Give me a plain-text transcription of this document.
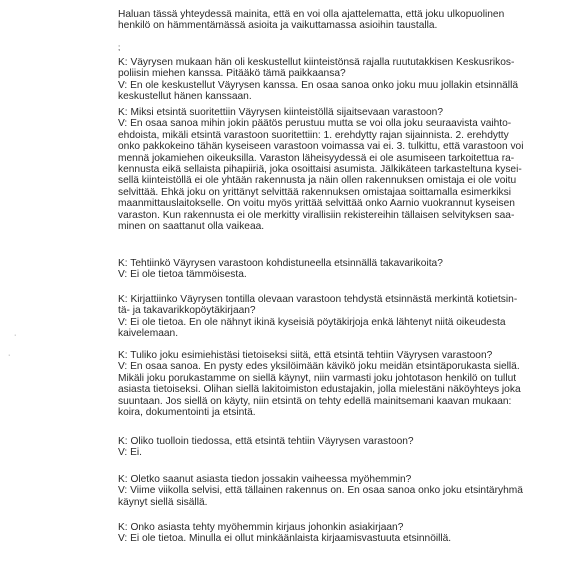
Haluan tässä yhteydessä mainita, että en voi olla ajattelematta, että joku ulkopuolinen
henkilö on hämmentämässä asioita ja vaikuttamassa asioihin taustalla.
;
K: Väyrysen mukaan hän oli keskustellut kiinteistönsä rajalla ruututakkisen Keskusrikos-
poliisin miehen kanssa. Pitääkö tämä paikkaansa?
V: En ole keskustellut Väyrysen kanssa. En osaa sanoa onko joku muu jollakin etsinnällä
keskustellut hänen kanssaan.
K: Miksi etsintä suoritettiin Väyrysen kiinteistöllä sijaitsevaan varastoon?
V: En osaa sanoa mihin jokin päätös perustuu mutta se voi olla joku seuraavista vaihto-
ehdoista, mikäli etsintä varastoon suoritettiin: 1. erehdytty rajan sijainnista. 2. erehdytty
onko pakkokeino tähän kyseiseen varastoon voimassa vai ei. 3. tulkittu, että varastoon voi
mennä jokamiehen oikeuksilla. Varaston läheisyydessä ei ole asumiseen tarkoitettua ra-
kennusta eikä sellaista pihapiiriä, joka osoittaisi asumista. Jälkikäteen tarkasteltuna kysei-
sellä kiinteistöllä ei ole yhtään rakennusta ja näin ollen rakennuksen omistaja ei ole voitu
selvittää. Ehkä joku on yrittänyt selvittää rakennuksen omistajaa soittamalla esimerkiksi
maanmittauslaitokselle. On voitu myös yrittää selvittää onko Aarnio vuokrannut kyseisen
varaston. Kun rakennusta ei ole merkitty virallisiin rekistereihin tällaisen selvityksen saa-
minen on saattanut olla vaikeaa.
K: Tehtiinkö Väyrysen varastoon kohdistuneella etsinnällä takavarikoita?
V: Ei ole tietoa tämmöisesta.
K: Kirjattiinko Väyrysen tontilla olevaan varastoon tehdystä etsinnästä merkintä kotietsin-
tä- ja takavarikkopöytäkirjaan?
V: Ei ole tietoa. En ole nähnyt ikinä kyseisiä pöytäkirjoja enkä lähtenyt niitä oikeudesta
kaivelemaan.
K: Tuliko joku esimiehistäsi tietoiseksi siitä, että etsintä tehtiin Väyrysen varastoon?
V: En osaa sanoa. En pysty edes yksilöimään kävikö joku meidän etsintäporukasta siellä.
Mikäli joku porukastamme on siellä käynyt, niin varmasti joku johtotason henkilö on tullut
asiasta tietoiseksi. Olihan siellä lakitoimiston edustajakin, jolla mielestäni näköyhteys joka
suuntaan. Jos siellä on käyty, niin etsintä on tehty edellä mainitsemani kaavan mukaan:
koira, dokumentointi ja etsintä.
K: Oliko tuolloin tiedossa, että etsintä tehtiin Väyrysen varastoon?
V: Ei.
K: Oletko saanut asiasta tiedon jossakin vaiheessa myöhemmin?
V: Viime viikolla selvisi, että tällainen rakennus on. En osaa sanoa onko joku etsintäryhmä
käynyt siellä sisällä.
K: Onko asiasta tehty myöhemmin kirjaus johonkin asiakirjaan?
V: Ei ole tietoa. Minulla ei ollut minkäänlaista kirjaamisvastuuta etsinnöillä.
·
·
